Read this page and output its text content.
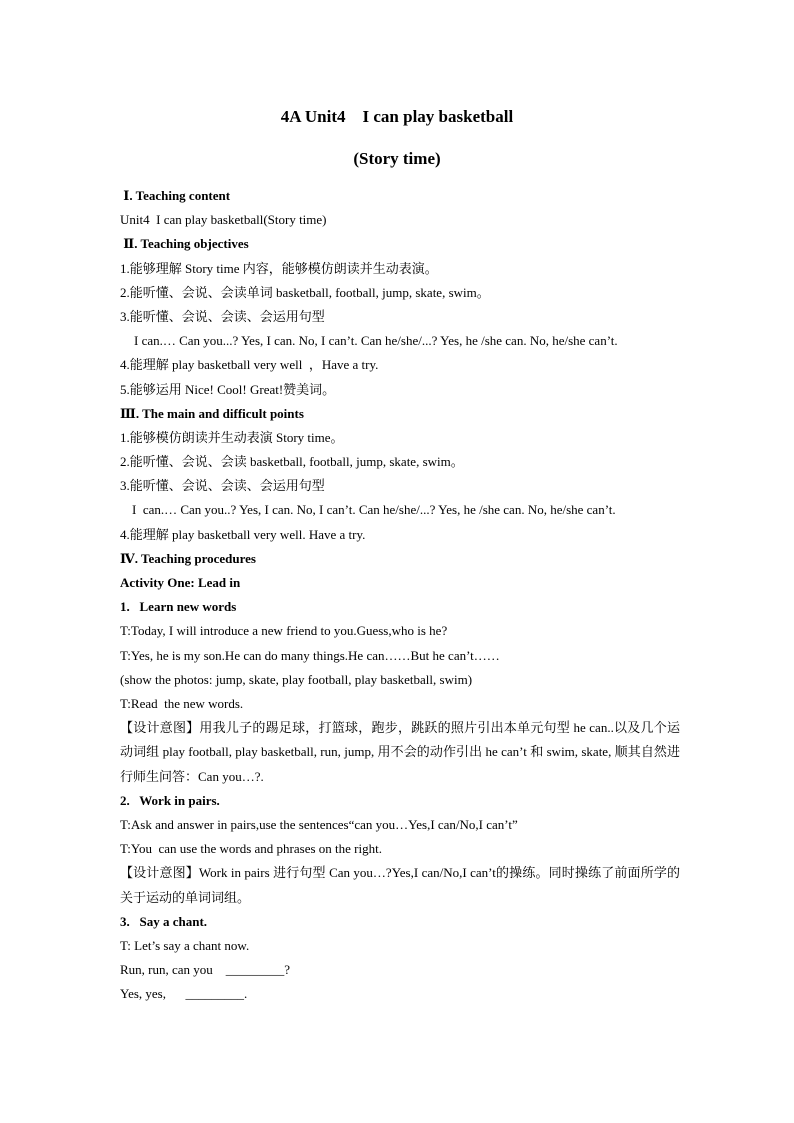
4A Unit4    I can play basketball
(Story time)
Ⅰ. Teaching content
Unit4  I can play basketball(Story time)
Ⅱ. Teaching objectives
1.能够理解 Story time 内容，能够模仿朗读并生动表演。
2.能听懂、会说、会读单词 basketball, football, jump, skate, swim。
3.能听懂、会说、会读、会运用句型
I can.… Can you...? Yes, I can. No, I can’t. Can he/she/...? Yes, he /she can. No, he/she can’t.
4.能理解 play basketball very well  ，Have a try.
5.能够运用 Nice! Cool! Great!赞美词。
Ⅲ. The main and difficult points
1.能够模仿朗读并生动表演 Story time。
2.能听懂、会说、会读 basketball, football, jump, skate, swim。
3.能听懂、会说、会读、会运用句型
I  can.… Can you..? Yes, I can. No, I can’t. Can he/she/...? Yes, he /she can. No, he/she can’t.
4.能理解 play basketball very well. Have a try.
Ⅳ. Teaching procedures
Activity One: Lead in
1.   Learn new words
T:Today, I will introduce a new friend to you.Guess,who is he?
T:Yes, he is my son.He can do many things.He can……But he can’t……
(show the photos: jump, skate, play football, play basketball, swim)
T:Read  the new words.
【设计意图】用我儿子的踢足球，打篮球，跑步，跳跃的照片引出本单元句型 he can..以及几个运动词组 play football, play basketball, run, jump, 用不会的动作引出 he can’t 和 swim, skate, 顺其自然进行师生问答：Can you…?.
2.   Work in pairs.
T:Ask and answer in pairs,use the sentences“can you…Yes,I can/No,I can’t”
T:You  can use the words and phrases on the right.
【设计意图】Work in pairs 进行句型 Can you…?Yes,I can/No,I can’t的操练。同时操练了前面所学的关于运动的单词词组。
3.   Say a chant.
T: Let’s say a chant now.
Run, run, can you    _________?
Yes, yes,      _________.
